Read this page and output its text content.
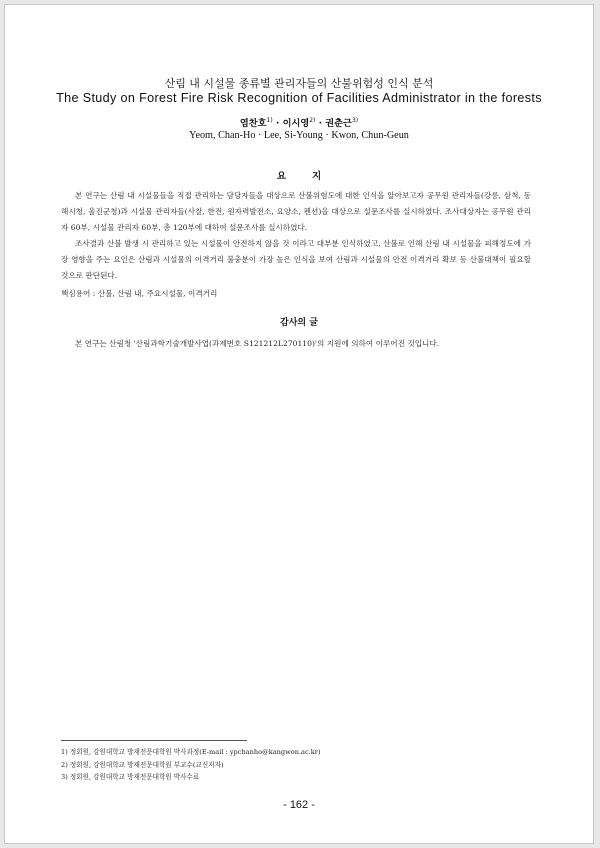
산림 내 시설물 종류별 관리자들의 산불위험성 인식 분석
The Study on Forest Fire Risk Recognition of Facilities Administrator in the forests
염찬호$^{1)}$ · 이시영$^{2)}$ · 권춘근$^{3)}$
Yeom, Chan-Ho · Lee, Si-Young · Kwon, Chun-Geun
요지

본 연구는 산림 내 시설물들을 직접 관리하는 담당자들을 대상으로 산불위험도에 대한 인식을 알아보고자 공무원 관리자들(강릉, 삼척, 동해시청, 울진군청)과 시설물 관리자들(사찰, 한전, 원자력발전소, 요양소, 펜션)을 대상으로 설문조사를 실시하였다. 조사대상자는 공무원 관리자 60부, 시설물 관리자 60부, 총 120부에 대하여 설문조사를 실시하였다.

조사결과 산불 발생 시 관리하고 있는 시설물이 안전하지 않을 것 이라고 대부분 인식하였고, 산불로 인해 산림 내 시설물을 피해정도에 가장 영향을 주는 요인은 산림과 시설물의 이격거리 불충분이 가장 높은 인식을 보여 산림과 시설물의 안전 이격거리 확보 등 산불대책이 필요할 것으로 판단된다.

핵심용어 : 산불, 산림 내, 주요시설물, 이격거리
감사의 글
본 연구는 산림청 '산림과학기술개발사업(과제번호 S121212L270110)'의 지원에 의하여 이루어진 것입니다.
1) 정회원, 강원대학교 방재전문대학원 박사과정(E-mail : ypchanho@kangwon.ac.kr)
2) 정회원, 강원대학교 방재전문대학원 부교수(교신저자)
3) 정회원, 강원대학교 방재전문대학원 박사수료
- 162 -
